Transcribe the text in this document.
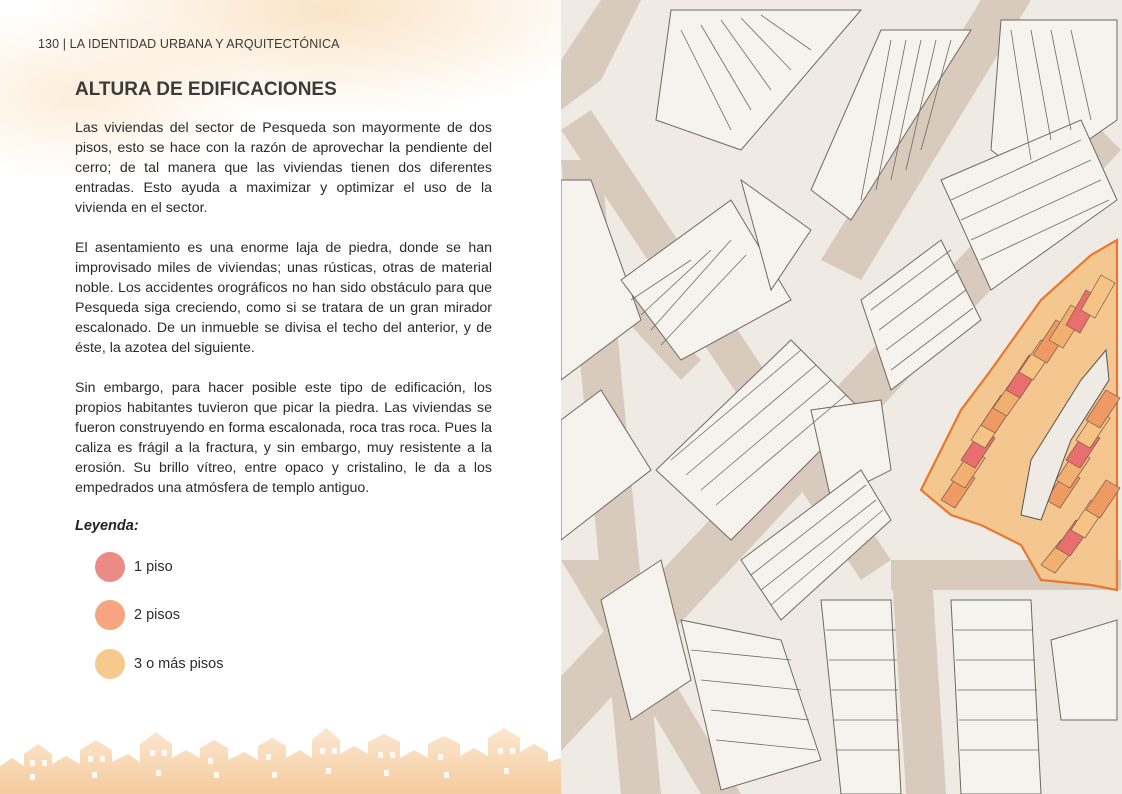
130 | LA IDENTIDAD URBANA Y ARQUITECTÓNICA
ALTURA DE EDIFICACIONES

Las viviendas del sector de Pesqueda son mayormente de dos pisos, esto se hace con la razón de aprovechar la pendiente del cerro; de tal manera que las viviendas tienen dos diferentes entradas. Esto ayuda a maximizar y optimizar el uso de la vivienda en el sector.

El asentamiento es una enorme laja de piedra, donde se han improvisado miles de viviendas; unas rústicas, otras de material noble. Los accidentes orográficos no han sido obstáculo para que Pesqueda siga creciendo, como si se tratara de un gran mirador escalonado. De un inmueble se divisa el techo del anterior, y de éste, la azotea del siguiente.

Sin embargo, para hacer posible este tipo de edificación, los propios habitantes tuvieron que picar la piedra. Las viviendas se fueron construyendo en forma escalonada, roca tras roca. Pues la caliza es frágil a la fractura, y sin embargo, muy resistente a la erosión. Su brillo vítreo, entre opaco y cristalino, le da a los empedrados una atmósfera de templo antiguo.

Leyenda:
1 piso
2 pisos
3 o más pisos
